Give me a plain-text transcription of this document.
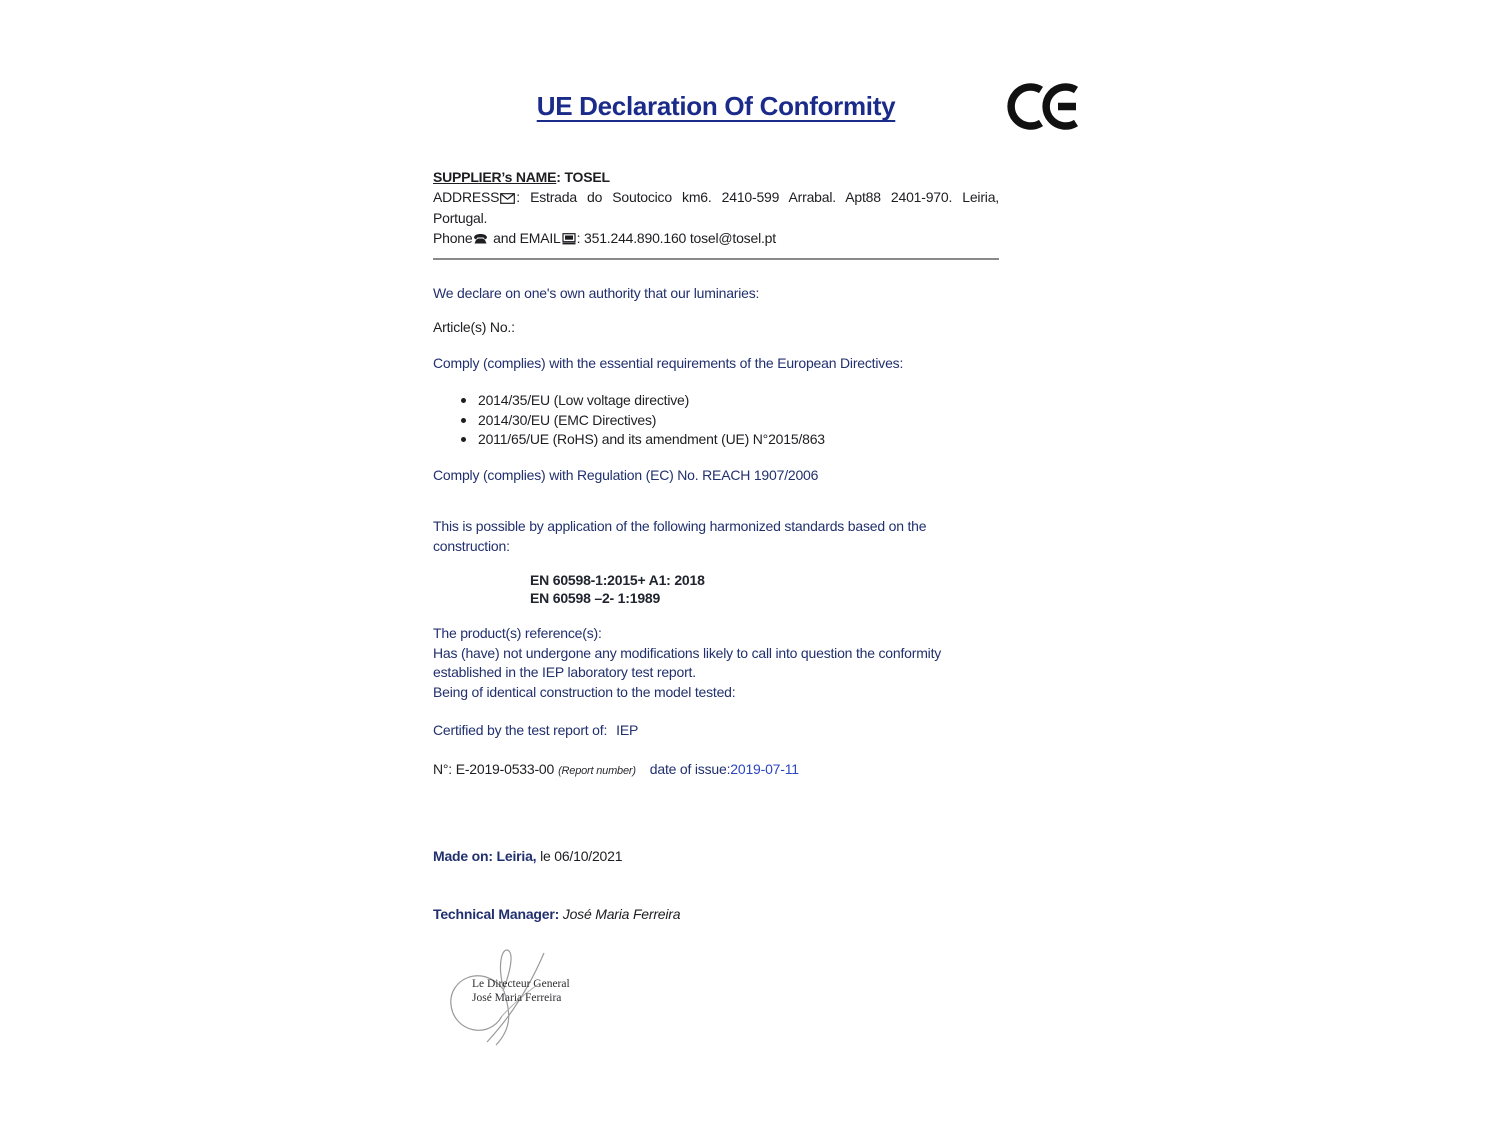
UE Declaration Of Conformity
SUPPLIER’s NAME: TOSEL
ADDRESS : Estrada do Soutocico km6. 2410-599 Arrabal. Apt88 2401-970. Leiria,
Portugal.
Phone and EMAIL : 351.244.890.160 tosel@tosel.pt
We declare on one's own authority that our luminaries:
Article(s) No.:
Comply (complies) with the essential requirements of the European Directives:
2014/35/EU (Low voltage directive)
2014/30/EU (EMC Directives)
2011/65/UE (RoHS) and its amendment (UE) N°2015/863
Comply (complies) with Regulation (EC) No. REACH 1907/2006
This is possible by application of the following harmonized standards based on the
construction:
EN 60598-1:2015+ A1: 2018
EN 60598 –2- 1:1989
The product(s) reference(s):
Has (have) not undergone any modifications likely to call into question the conformity
established in the IEP laboratory test report.
Being of identical construction to the model tested:
Certified by the test report of: IEP
N°: E-2019-0533-00 (Report number) date of issue:2019-07-11
Made on: Leiria, le 06/10/2021
Technical Manager: José Maria Ferreira
Le Directeur General
José Maria Ferreira
